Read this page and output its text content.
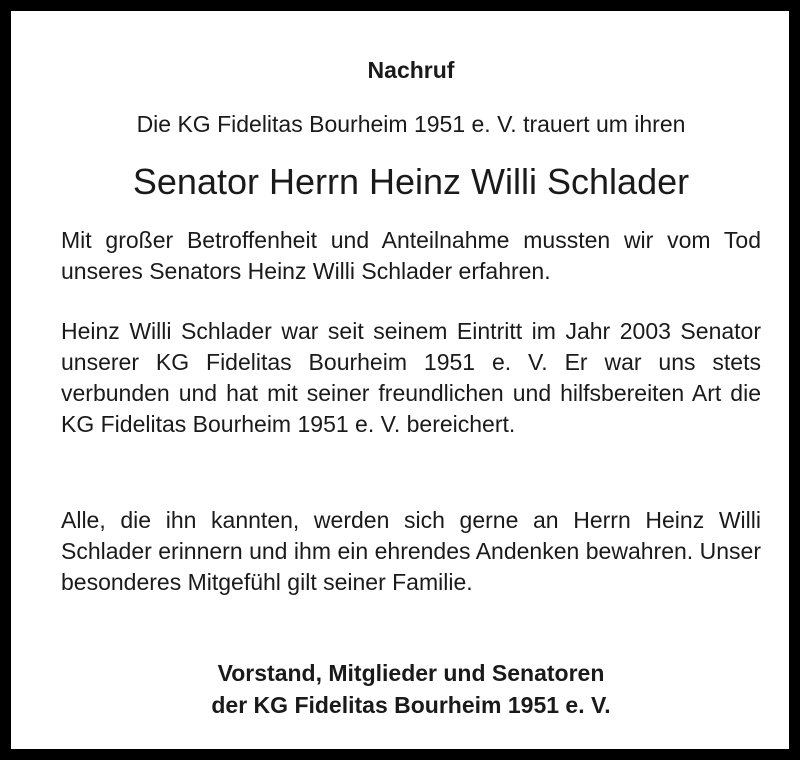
Nachruf
Die KG Fidelitas Bourheim 1951 e. V. trauert um ihren
Senator Herrn Heinz Willi Schlader
Mit großer Betroffenheit und Anteilnahme mussten wir vom Tod unseres Senators Heinz Willi Schlader erfahren.
Heinz Willi Schlader war seit seinem Eintritt im Jahr 2003 Senator unserer KG Fidelitas Bourheim 1951 e. V. Er war uns stets verbunden und hat mit seiner freundlichen und hilfsbereiten Art die KG Fidelitas Bourheim 1951 e. V. bereichert.
Alle, die ihn kannten, werden sich gerne an Herrn Heinz Willi Schlader erinnern und ihm ein ehrendes Andenken bewahren. Unser besonderes Mitgefühl gilt seiner Familie.
Vorstand, Mitglieder und Senatoren
der KG Fidelitas Bourheim 1951 e. V.
